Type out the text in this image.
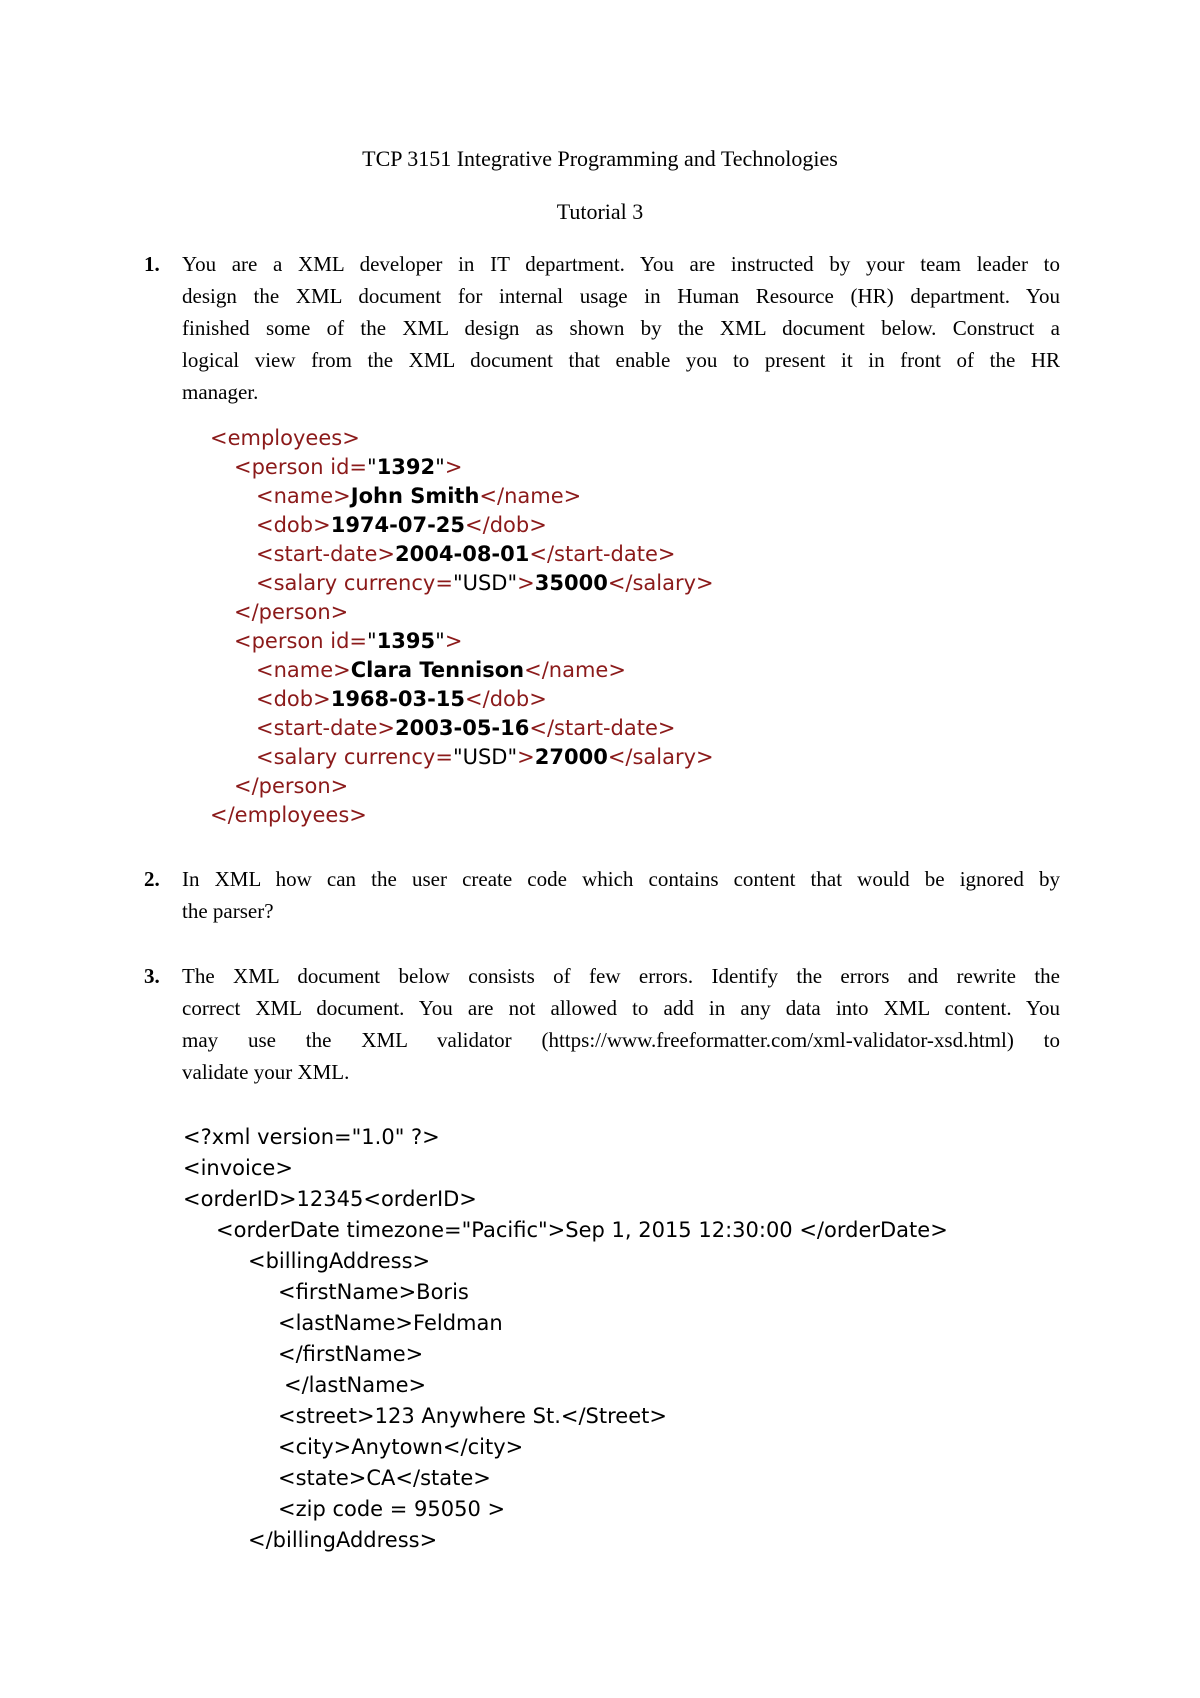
TCP 3151 Integrative Programming and Technologies
Tutorial 3
1. You are a XML developer in IT department. You are instructed by your team leader to
design the XML document for internal usage in Human Resource (HR) department. You
finished some of the XML design as shown by the XML document below. Construct a
logical view from the XML document that enable you to present it in front of the HR
manager.
<employees>
<person id="1392">
<name>John Smith</name>
<dob>1974-07-25</dob>
<start-date>2004-08-01</start-date>
<salary currency="USD">35000</salary>
</person>
<person id="1395">
<name>Clara Tennison</name>
<dob>1968-03-15</dob>
<start-date>2003-05-16</start-date>
<salary currency="USD">27000</salary>
</person>
</employees>
2. In XML how can the user create code which contains content that would be ignored by
the parser?
3. The XML document below consists of few errors. Identify the errors and rewrite the
correct XML document. You are not allowed to add in any data into XML content. You
may use the XML validator (https://www.freeformatter.com/xml-validator-xsd.html) to
validate your XML.
<?xml version="1.0" ?>
<invoice>
<orderID>12345<orderID>
<orderDate timezone="Pacific">Sep 1, 2015 12:30:00 </orderDate>
<billingAddress>
<firstName>Boris
<lastName>Feldman
</firstName>
</lastName>
<street>123 Anywhere St.</Street>
<city>Anytown</city>
<state>CA</state>
<zip code = 95050 >
</billingAddress>
